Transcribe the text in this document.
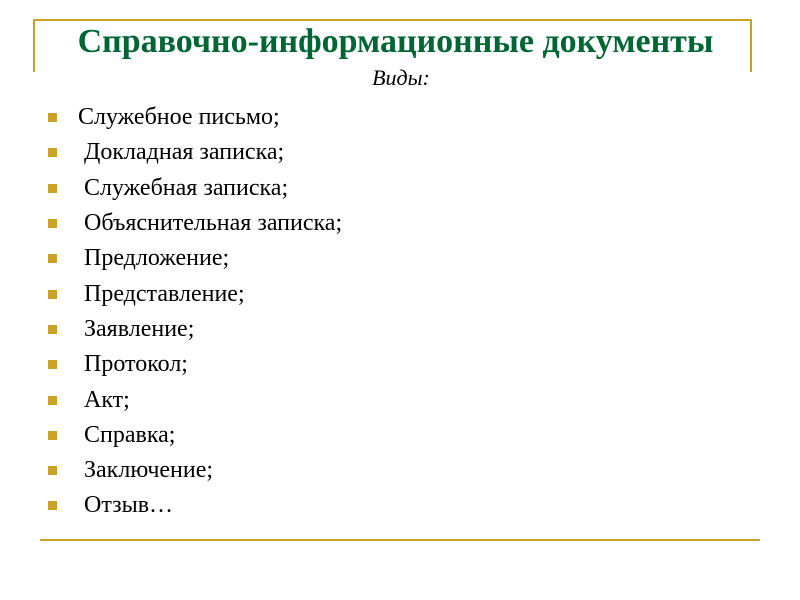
Справочно-информационные документы
Виды:
Служебное письмо;
Докладная записка;
Служебная записка;
Объяснительная записка;
Предложение;
Представление;
Заявление;
Протокол;
Акт;
Справка;
Заключение;
Отзыв…
